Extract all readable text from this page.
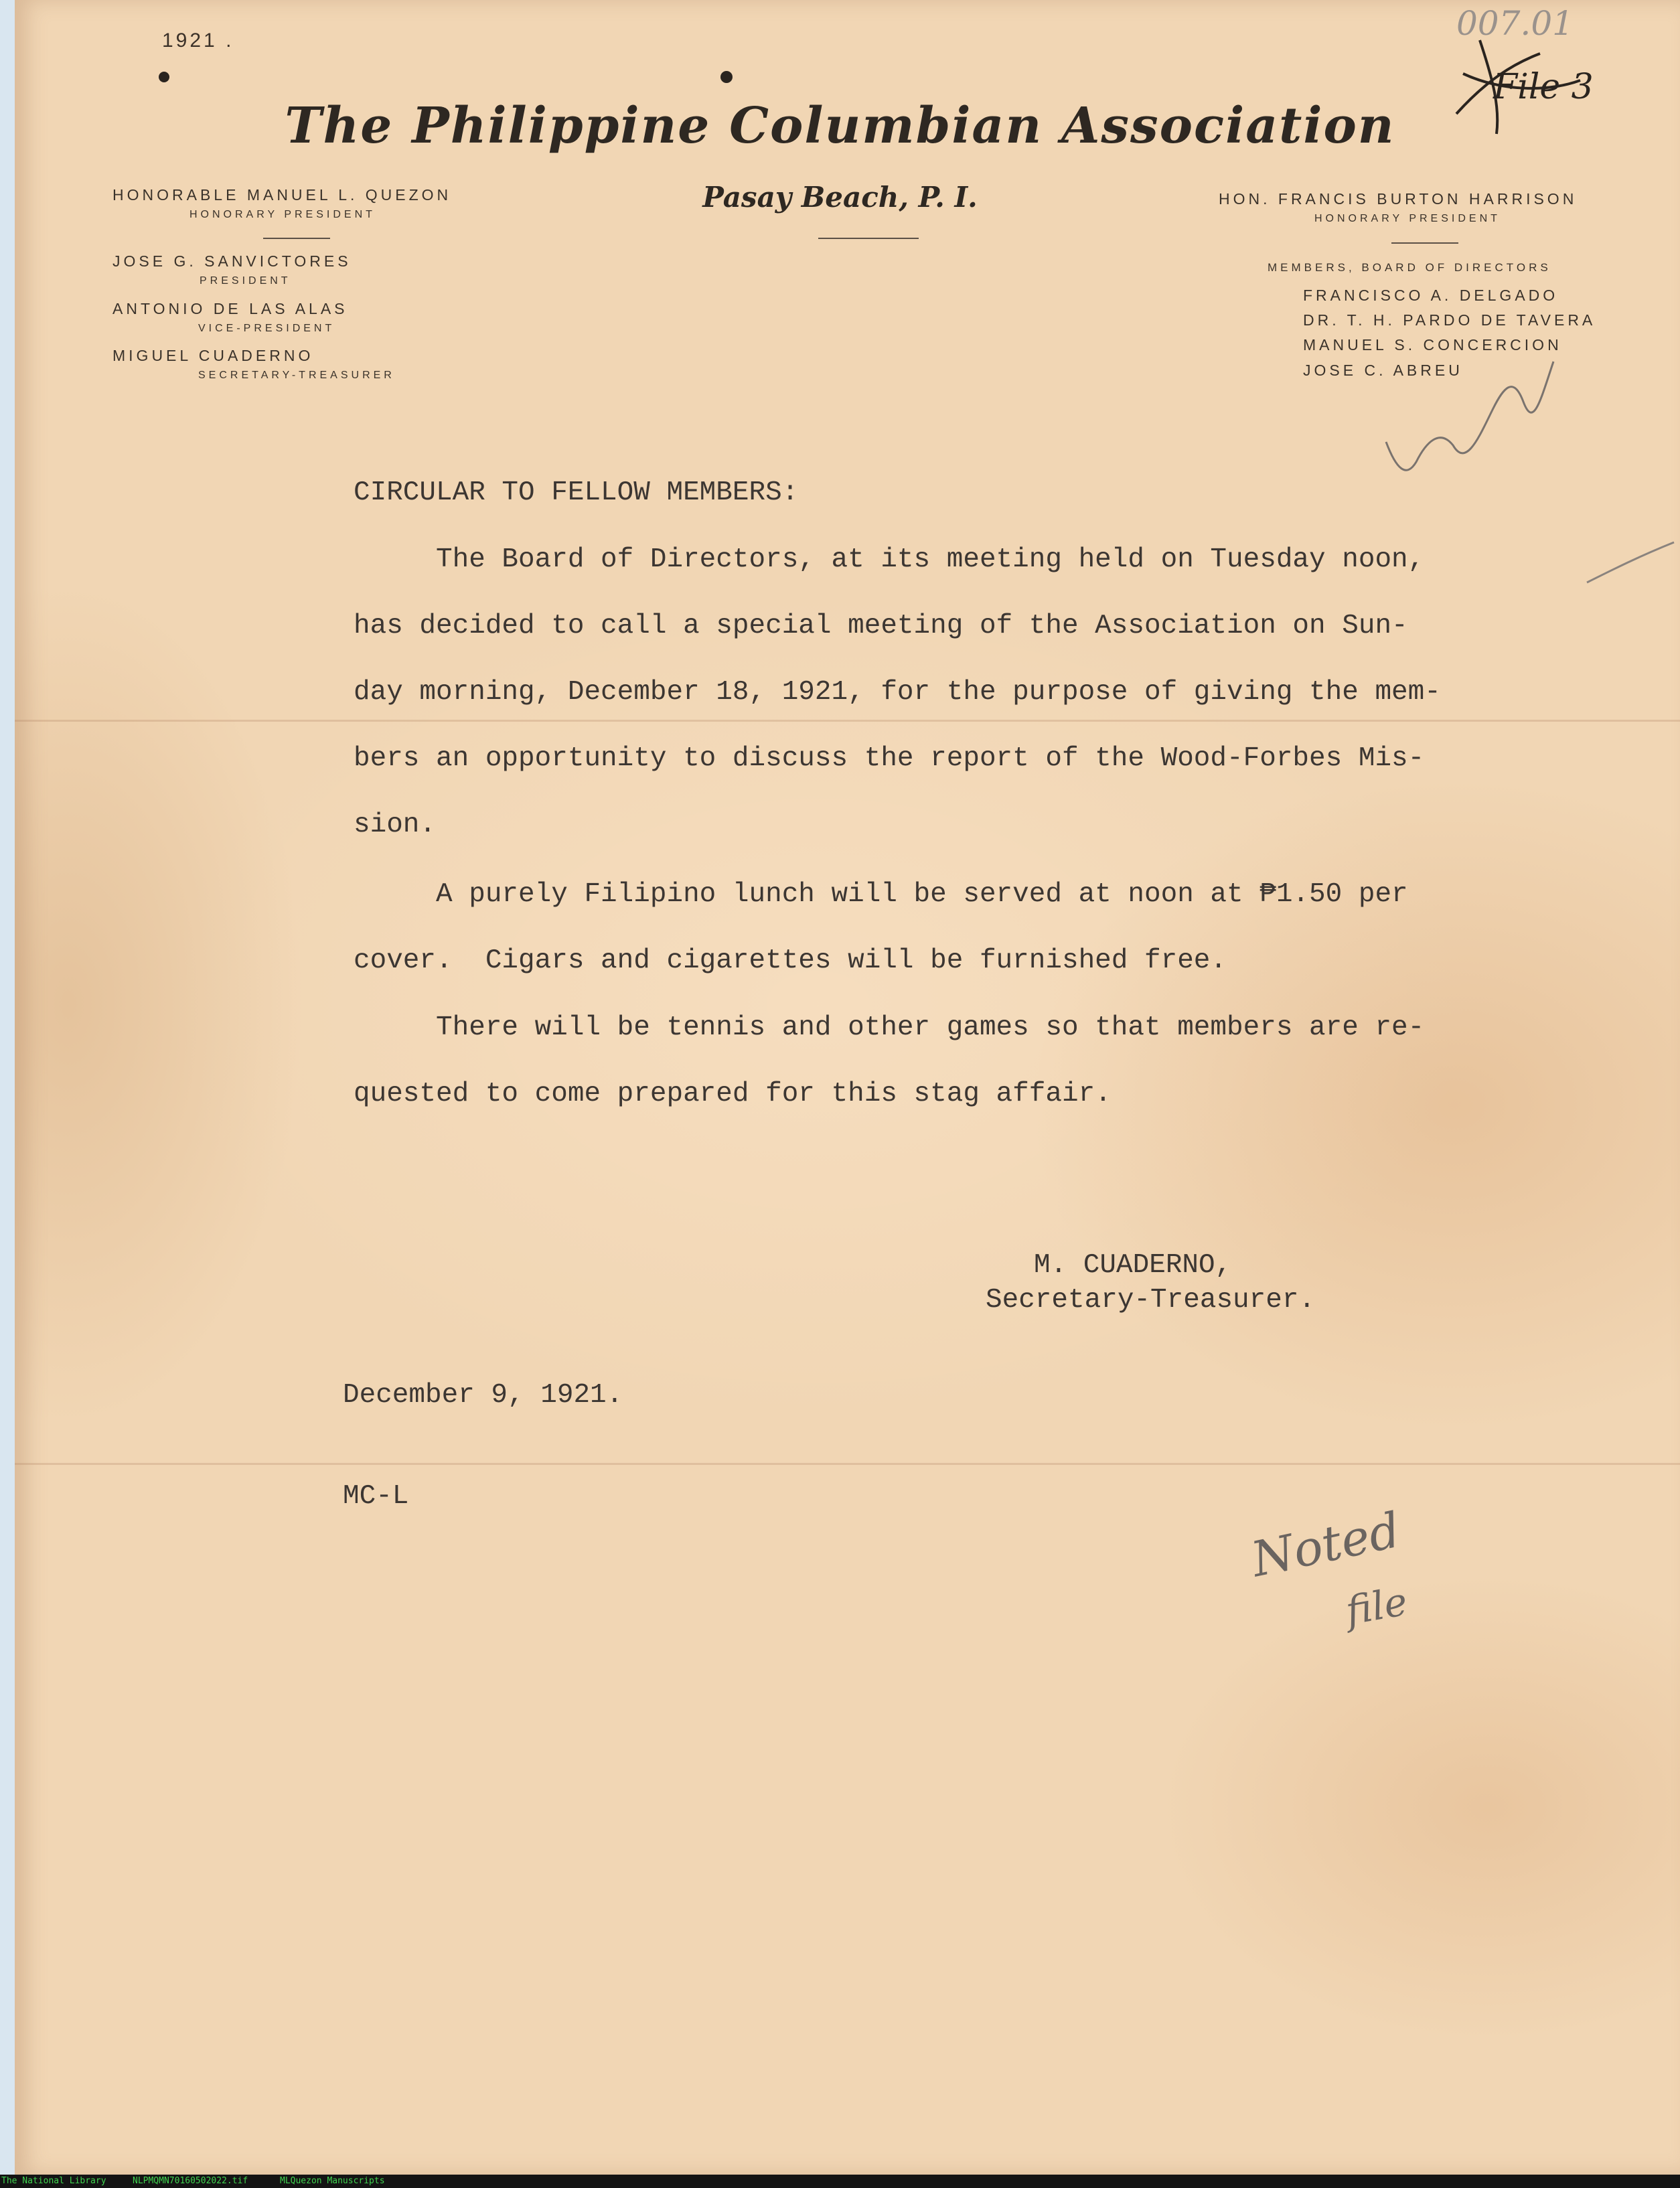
1921 .	007.01
File 3
The Philippine Columbian Association
Pasay Beach, P. I.
HONORABLE MANUEL L. QUEZON
HONORARY PRESIDENT
JOSE G. SANVICTORES
PRESIDENT
ANTONIO DE LAS ALAS
VICE-PRESIDENT
MIGUEL CUADERNO
SECRETARY-TREASURER
HON. FRANCIS BURTON HARRISON
HONORARY PRESIDENT
MEMBERS, BOARD OF DIRECTORS
FRANCISCO A. DELGADO
DR. T. H. PARDO DE TAVERA
MANUEL S. CONCERCION
JOSE C. ABREU
CIRCULAR TO FELLOW MEMBERS:
The Board of Directors, at its meeting held on Tuesday noon,
has decided to call a special meeting of the Association on Sun-
day morning, December 18, 1921, for the purpose of giving the mem-
bers an opportunity to discuss the report of the Wood-Forbes Mis-
sion.
A purely Filipino lunch will be served at noon at ₱1.50 per
cover.  Cigars and cigarettes will be furnished free.
There will be tennis and other games so that members are re-
quested to come prepared for this stag affair.
M. CUADERNO,
Secretary-Treasurer.
December 9, 1921.
MC-L
Noted
file
The National Library	NLPMQMN70160502022.tif	MLQuezon Manuscripts
